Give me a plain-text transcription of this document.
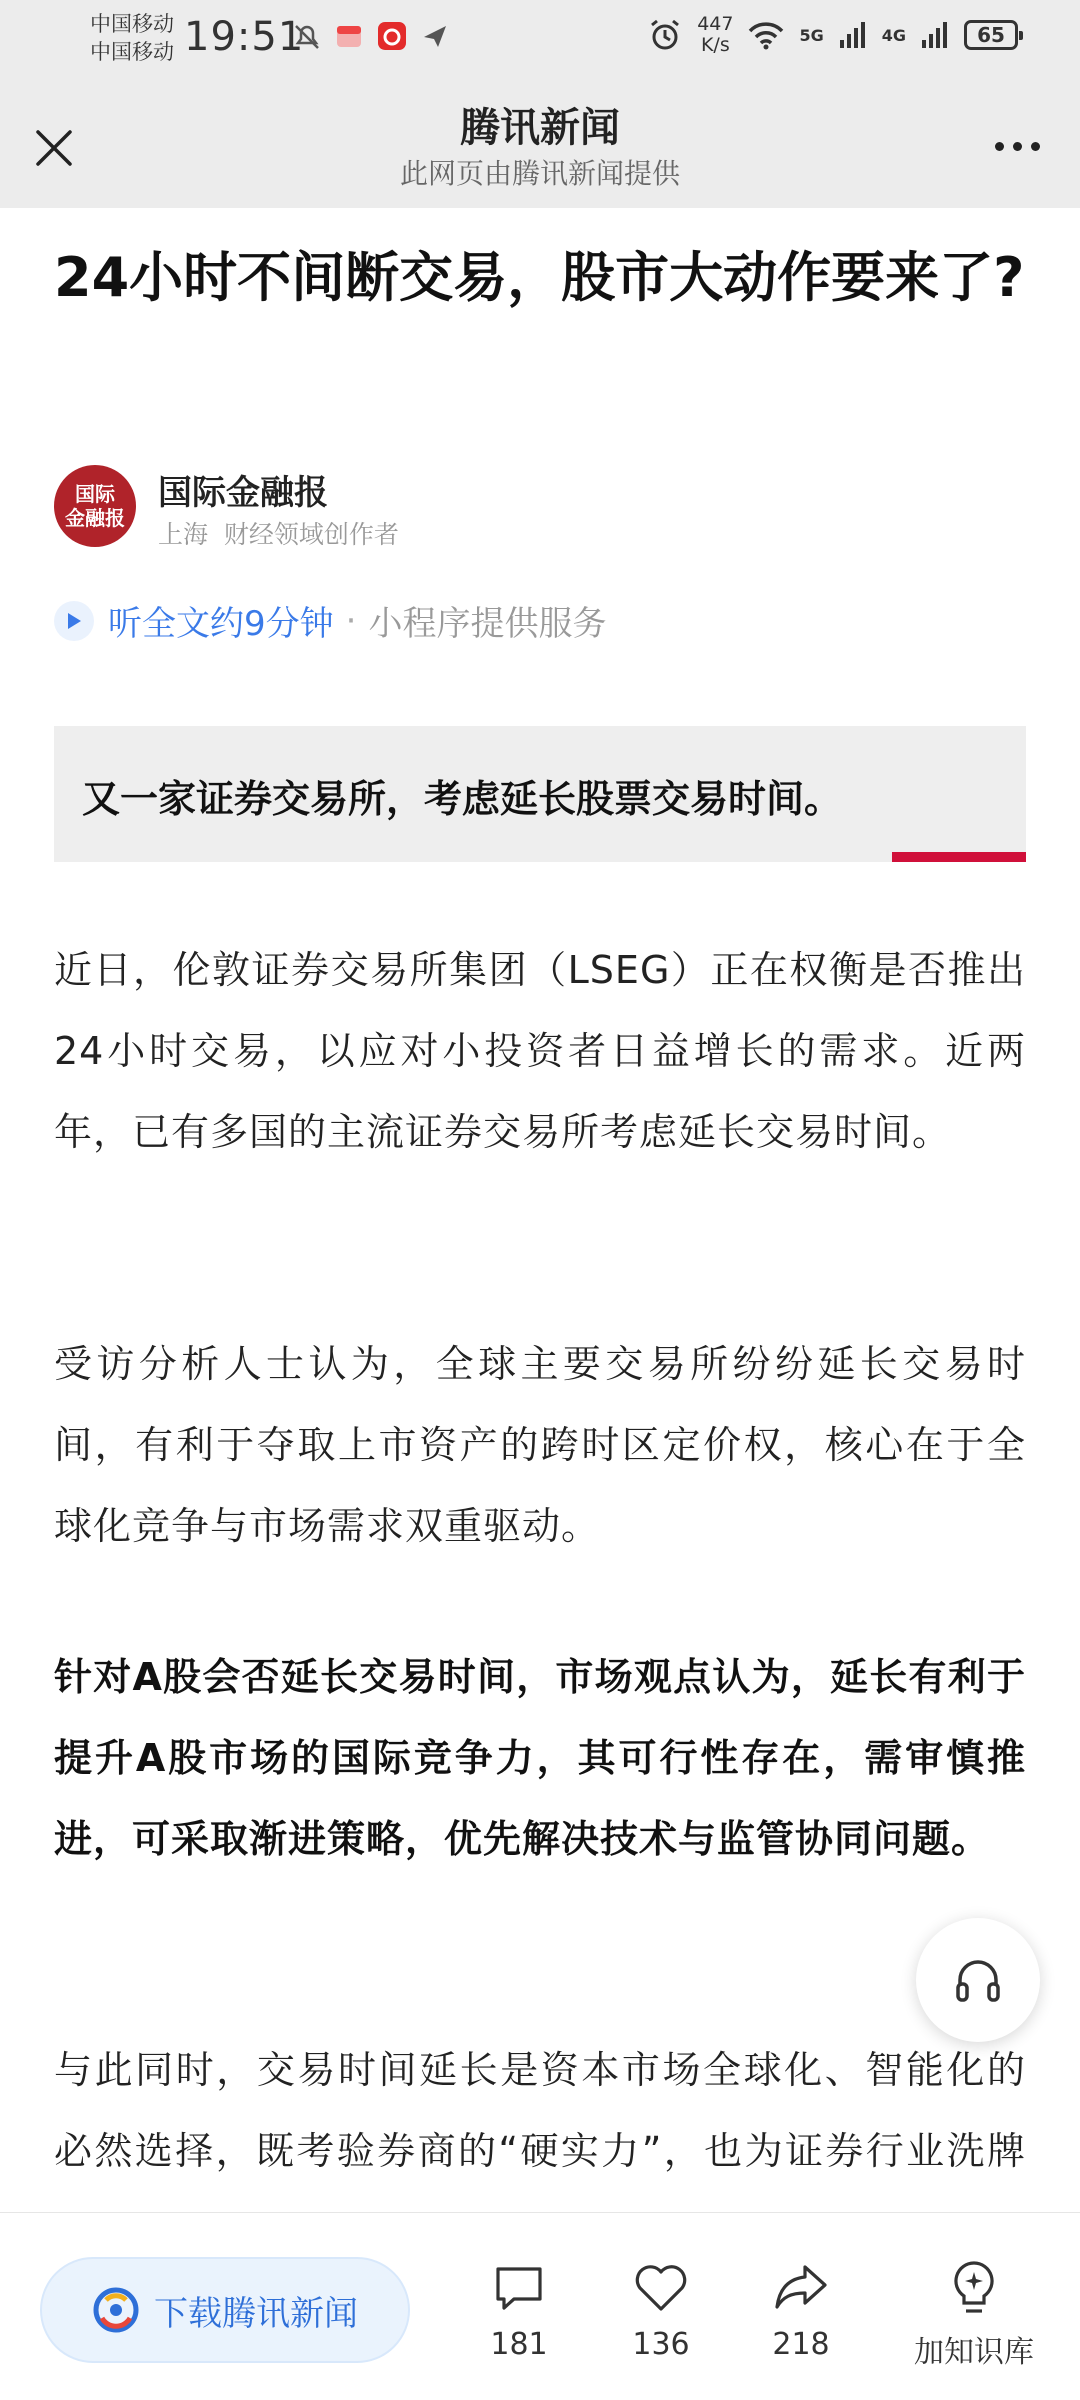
中国移动
中国移动 19:51	447
K/s	5G	4G	65
腾讯新闻
此网页由腾讯新闻提供
24小时不间断交易，股市大动作要来了?
国际
金融报
国际金融报
上海 财经领域创作者
听全文约9分钟 · 小程序提供服务
又一家证券交易所，考虑延长股票交易时间。

近日，伦敦证券交易所集团（LSEG）正在权衡是否推出24小时交易，以应对小投资者日益增长的需求。近两年，已有多国的主流证券交易所考虑延长交易时间。

受访分析人士认为，全球主要交易所纷纷延长交易时间，有利于夺取上市资产的跨时区定价权，核心在于全球化竞争与市场需求双重驱动。

针对A股会否延长交易时间，市场观点认为，延长有利于提升A股市场的国际竞争力，其可行性存在，需审慎推进，可采取渐进策略，优先解决技术与监管协同问题。

与此同时，交易时间延长是资本市场全球化、智能化的必然选择，既考验券商的“硬实力”，也为证券行业洗牌

下载腾讯新闻
181	136	218	加知识库
